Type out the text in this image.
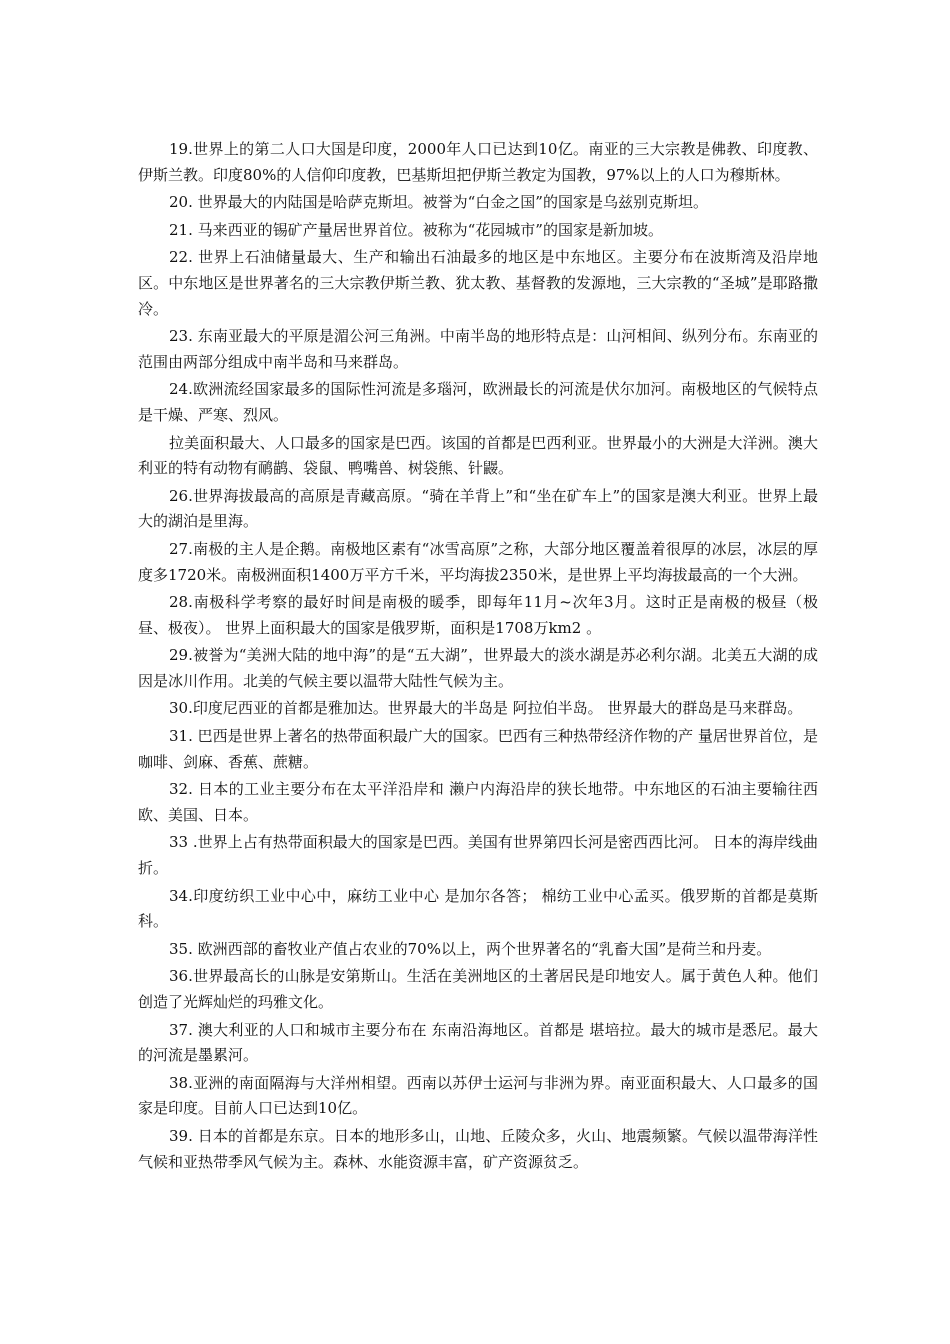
19.世界上的第二人口大国是印度，2000年人口已达到10亿。南亚的三大宗教是佛教、印度教、伊斯兰教。印度80%的人信仰印度教，巴基斯坦把伊斯兰教定为国教，97%以上的人口为穆斯林。

20. 世界最大的内陆国是哈萨克斯坦。被誉为“白金之国”的国家是乌兹别克斯坦。

21. 马来西亚的锡矿产量居世界首位。被称为“花园城市”的国家是新加坡。

22. 世界上石油储量最大、生产和输出石油最多的地区是中东地区。主要分布在波斯湾及沿岸地区。中东地区是世界著名的三大宗教伊斯兰教、犹太教、基督教的发源地，三大宗教的“圣城”是耶路撒冷。

23. 东南亚最大的平原是湄公河三角洲。中南半岛的地形特点是：山河相间、纵列分布。东南亚的范围由两部分组成中南半岛和马来群岛。

24.欧洲流经国家最多的国际性河流是多瑙河，欧洲最长的河流是伏尔加河。南极地区的气候特点是干燥、严寒、烈风。

拉美面积最大、人口最多的国家是巴西。该国的首都是巴西利亚。世界最小的大洲是大洋洲。澳大利亚的特有动物有鸸鹋、袋鼠、鸭嘴兽、树袋熊、针鼹。

26.世界海拔最高的高原是青藏高原。“骑在羊背上”和“坐在矿车上”的国家是澳大利亚。世界上最大的湖泊是里海。

27.南极的主人是企鹅。南极地区素有“冰雪高原”之称，大部分地区覆盖着很厚的冰层，冰层的厚度多1720米。南极洲面积1400万平方千米，平均海拔2350米，是世界上平均海拔最高的一个大洲。

28.南极科学考察的最好时间是南极的暖季，即每年11月~次年3月。这时正是南极的极昼（极昼、极夜）。 世界上面积最大的国家是俄罗斯，面积是1708万km2 。

29.被誉为“美洲大陆的地中海”的是“五大湖”，世界最大的淡水湖是苏必利尔湖。北美五大湖的成因是冰川作用。北美的气候主要以温带大陆性气候为主。

30.印度尼西亚的首都是雅加达。世界最大的半岛是 阿拉伯半岛。 世界最大的群岛是马来群岛。

31. 巴西是世界上著名的热带面积最广大的国家。巴西有三种热带经济作物的产 量居世界首位，是咖啡、剑麻、香蕉、蔗糖。

32. 日本的工业主要分布在太平洋沿岸和 濑户内海沿岸的狭长地带。中东地区的石油主要输往西欧、美国、日本。

33 .世界上占有热带面积最大的国家是巴西。美国有世界第四长河是密西西比河。 日本的海岸线曲折。

34.印度纺织工业中心中，麻纺工业中心 是加尔各答； 棉纺工业中心孟买。俄罗斯的首都是莫斯科。

35. 欧洲西部的畜牧业产值占农业的70%以上，两个世界著名的“乳畜大国”是荷兰和丹麦。

36.世界最高长的山脉是安第斯山。生活在美洲地区的土著居民是印地安人。属于黄色人种。他们创造了光辉灿烂的玛雅文化。

37. 澳大利亚的人口和城市主要分布在 东南沿海地区。首都是 堪培拉。最大的城市是悉尼。最大的河流是墨累河。

38.亚洲的南面隔海与大洋州相望。西南以苏伊士运河与非洲为界。南亚面积最大、人口最多的国家是印度。目前人口已达到10亿。

39. 日本的首都是东京。日本的地形多山，山地、丘陵众多，火山、地震频繁。气候以温带海洋性气候和亚热带季风气候为主。森林、水能资源丰富，矿产资源贫乏。
